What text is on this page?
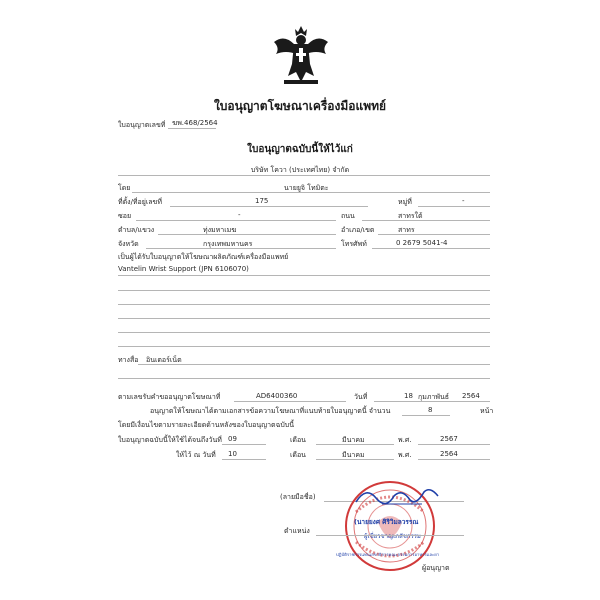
ใบอนุญาตโฆษณาเครื่องมือแพทย์
ใบอนุญาตเลขที่ ฆพ.468/2564
ใบอนุญาตฉบับนี้ให้ไว้แก่
บริษัท โควา (ประเทศไทย) จำกัด
โดย	นายยูจิ โทมิตะ
ที่ตั้ง/ที่อยู่เลขที่	175	หมู่ที่	-
ซอย	-	ถนน	สาทรใต้
ตำบล/แขวง	ทุ่งมหาเมฆ	อำเภอ/เขต	สาทร
จังหวัด	กรุงเทพมหานคร	โทรศัพท์	0 2679 5041-4
เป็นผู้ได้รับใบอนุญาตให้โฆษณาผลิตภัณฑ์เครื่องมือแพทย์
Vantelin Wrist Support (JPN 6106070)
ทางสื่อ อินเตอร์เน็ต
ตามเลขรับคำขออนุญาตโฆษณาที่	AD6400360	วันที่	18 กุมภาพันธ์ 2564
อนุญาตให้โฆษณาได้ตามเอกสารข้อความโฆษณาที่แนบท้ายใบอนุญาตนี้ จำนวน	8	หน้า
โดยมีเงื่อนไขตามรายละเอียดด้านหลังของใบอนุญาตฉบับนี้
ใบอนุญาตฉบับนี้ให้ใช้ได้จนถึงวันที่ 09	เดือน	มีนาคม	พ.ศ.	2567
ให้ไว้ ณ วันที่ 10	เดือน	มีนาคม	พ.ศ.	2564
(ลายมือชื่อ)
ตำแหน่ง
(นายยงศ ศิริวิมลวรรณ
ผู้เชี่ยวชาญเภสัชกรรม
ปฏิบัติราชการแทนเลขาธิการคณะกรรมการอาหารและยา
ผู้อนุญาต
